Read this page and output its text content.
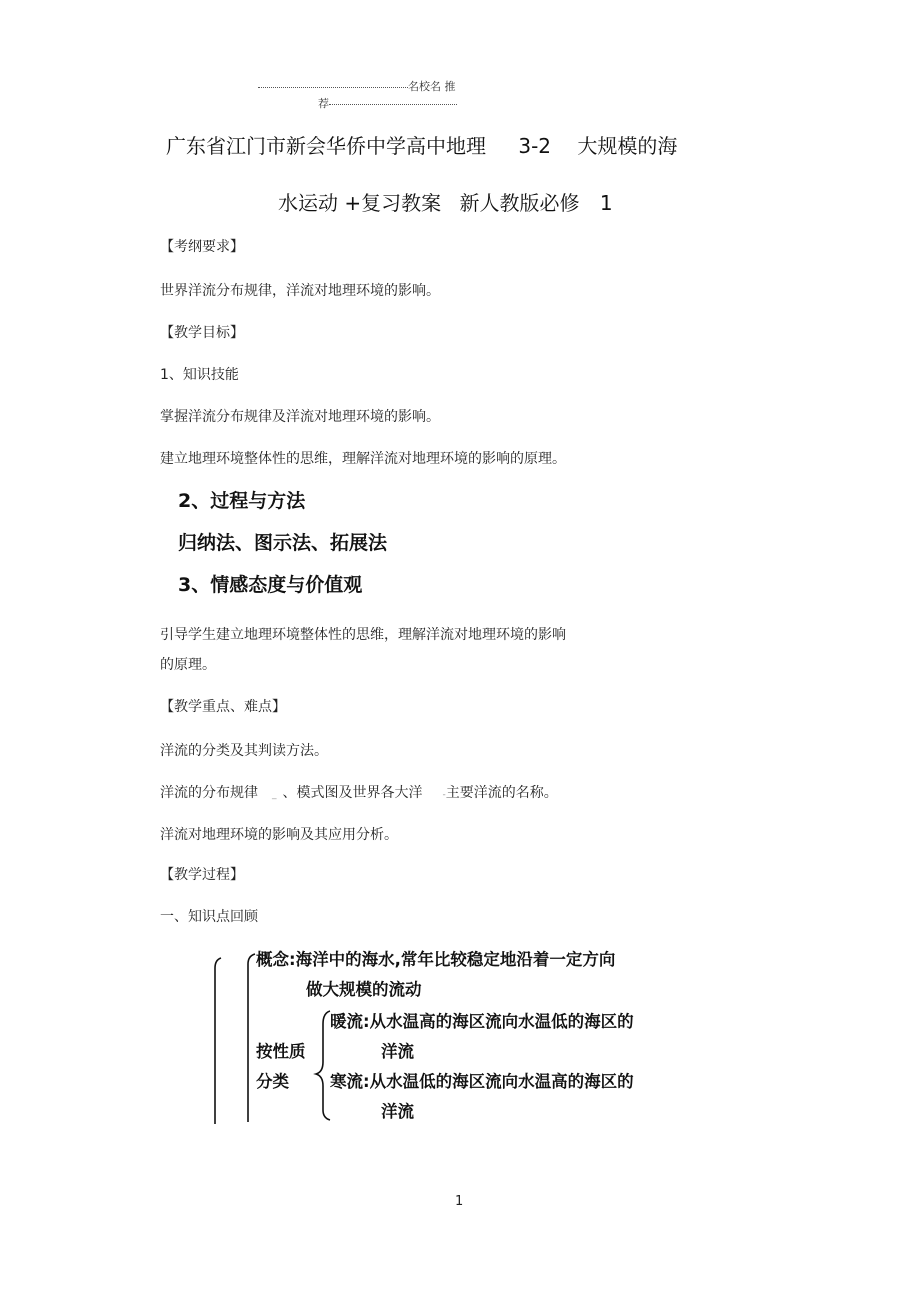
名校名 推
荐
广东省江门市新会华侨中学高中地理 3-2 大规模的海
水运动 +复习教案 新人教版必修 1
【考纲要求】
世界洋流分布规律，洋流对地理环境的影响。
【教学目标】
1、知识技能
掌握洋流分布规律及洋流对地理环境的影响。
建立地理环境整体性的思维，理解洋流对地理环境的影响的原理。
2、过程与方法
归纳法、图示法、拓展法
3、情感态度与价值观
引导学生建立地理环境整体性的思维，理解洋流对地理环境的影响
的原理。
【教学重点、难点】
洋流的分类及其判读方法。
洋流的分布规律 _ 、模式图及世界各大洋 -主要洋流的名称。
洋流对地理环境的影响及其应用分析。
【教学过程】
一、知识点回顾
概念:海洋中的海水,常年比较稳定地沿着一定方向
做大规模的流动
按性质
分类
暖流:从水温高的海区流向水温低的海区的
洋流
寒流:从水温低的海区流向水温高的海区的
洋流
1
